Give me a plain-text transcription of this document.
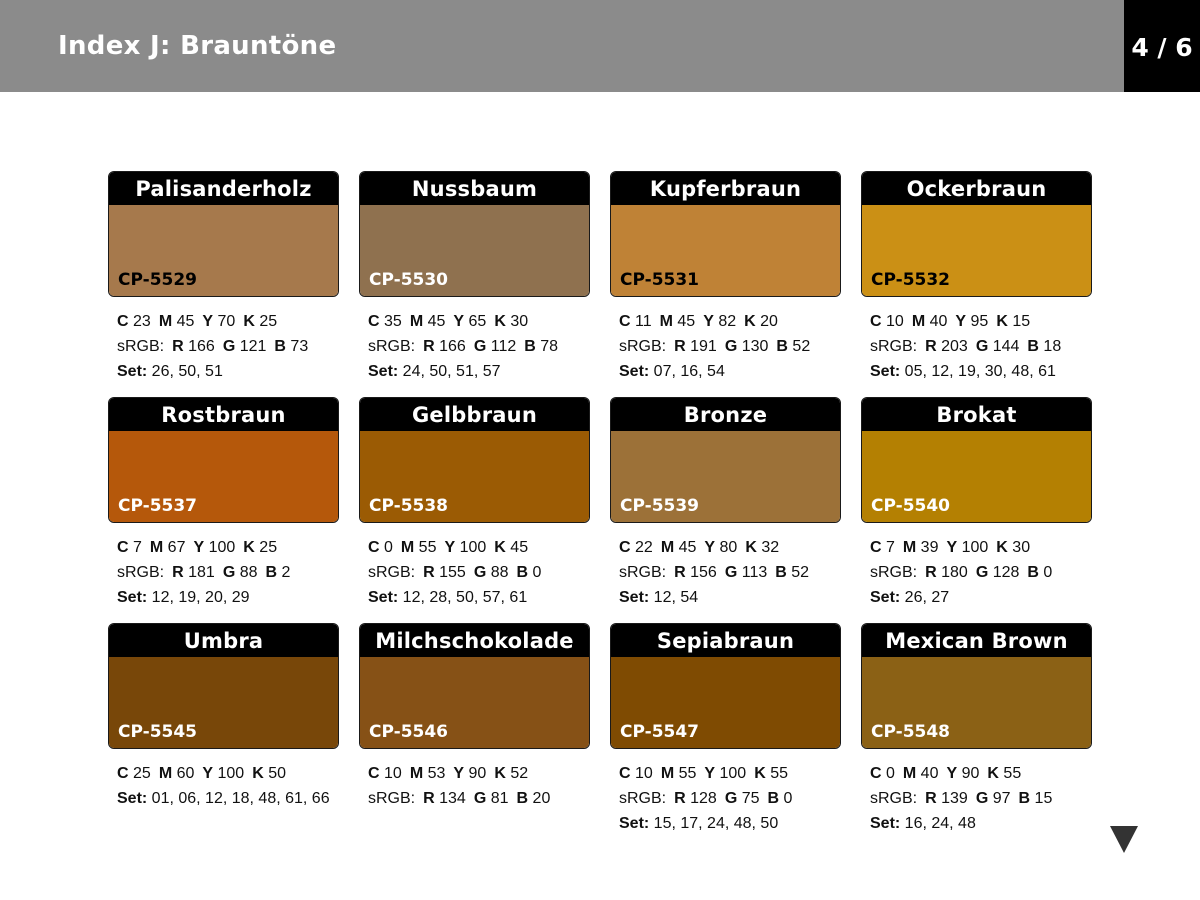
Index J: Brauntöne	4 / 6
Palisanderholz
CP-5529
C 23 M 45 Y 70 K 25
sRGB: R 166 G 121 B 73
Set: 26, 50, 51
Nussbaum
CP-5530
C 35 M 45 Y 65 K 30
sRGB: R 166 G 112 B 78
Set: 24, 50, 51, 57
Kupferbraun
CP-5531
C 11 M 45 Y 82 K 20
sRGB: R 191 G 130 B 52
Set: 07, 16, 54
Ockerbraun
CP-5532
C 10 M 40 Y 95 K 15
sRGB: R 203 G 144 B 18
Set: 05, 12, 19, 30, 48, 61
Rostbraun
CP-5537
C 7 M 67 Y 100 K 25
sRGB: R 181 G 88 B 2
Set: 12, 19, 20, 29
Gelbbraun
CP-5538
C 0 M 55 Y 100 K 45
sRGB: R 155 G 88 B 0
Set: 12, 28, 50, 57, 61
Bronze
CP-5539
C 22 M 45 Y 80 K 32
sRGB: R 156 G 113 B 52
Set: 12, 54
Brokat
CP-5540
C 7 M 39 Y 100 K 30
sRGB: R 180 G 128 B 0
Set: 26, 27
Umbra
CP-5545
C 25 M 60 Y 100 K 50
Set: 01, 06, 12, 18, 48, 61, 66
Milchschokolade
CP-5546
C 10 M 53 Y 90 K 52
sRGB: R 134 G 81 B 20
Sepiabraun
CP-5547
C 10 M 55 Y 100 K 55
sRGB: R 128 G 75 B 0
Set: 15, 17, 24, 48, 50
Mexican Brown
CP-5548
C 0 M 40 Y 90 K 55
sRGB: R 139 G 97 B 15
Set: 16, 24, 48
